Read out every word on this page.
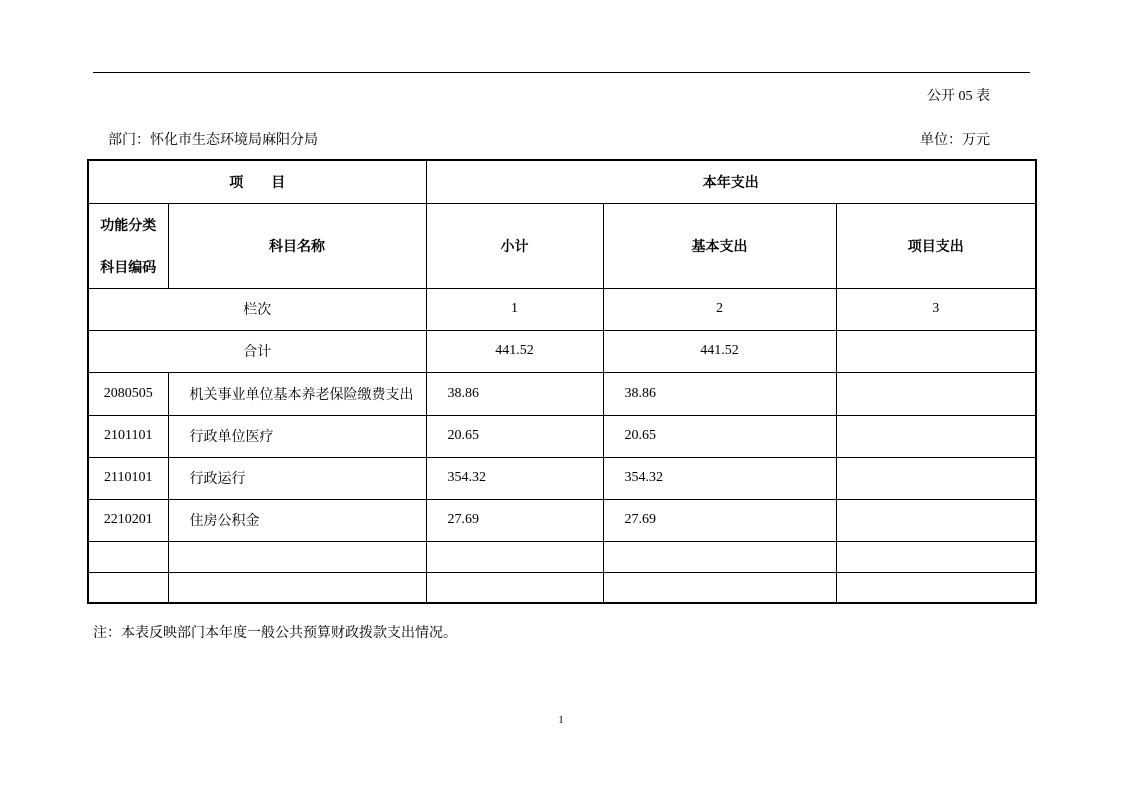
公开 05 表
部门：怀化市生态环境局麻阳分局	单位：万元
项　　目		本年支出		

功能分类
科目编码	科目名称	小计	基本支出	项目支出
栏次		1	2	3
合计		441.52	441.52	
2080505	机关事业单位基本养老保险缴费支出	38.86	38.86	
2101101	行政单位医疗	20.65	20.65	
2110101	行政运行	354.32	354.32	
2210201	住房公积金	27.69	27.69	

注：本表反映部门本年度一般公共预算财政拨款支出情况。
1
